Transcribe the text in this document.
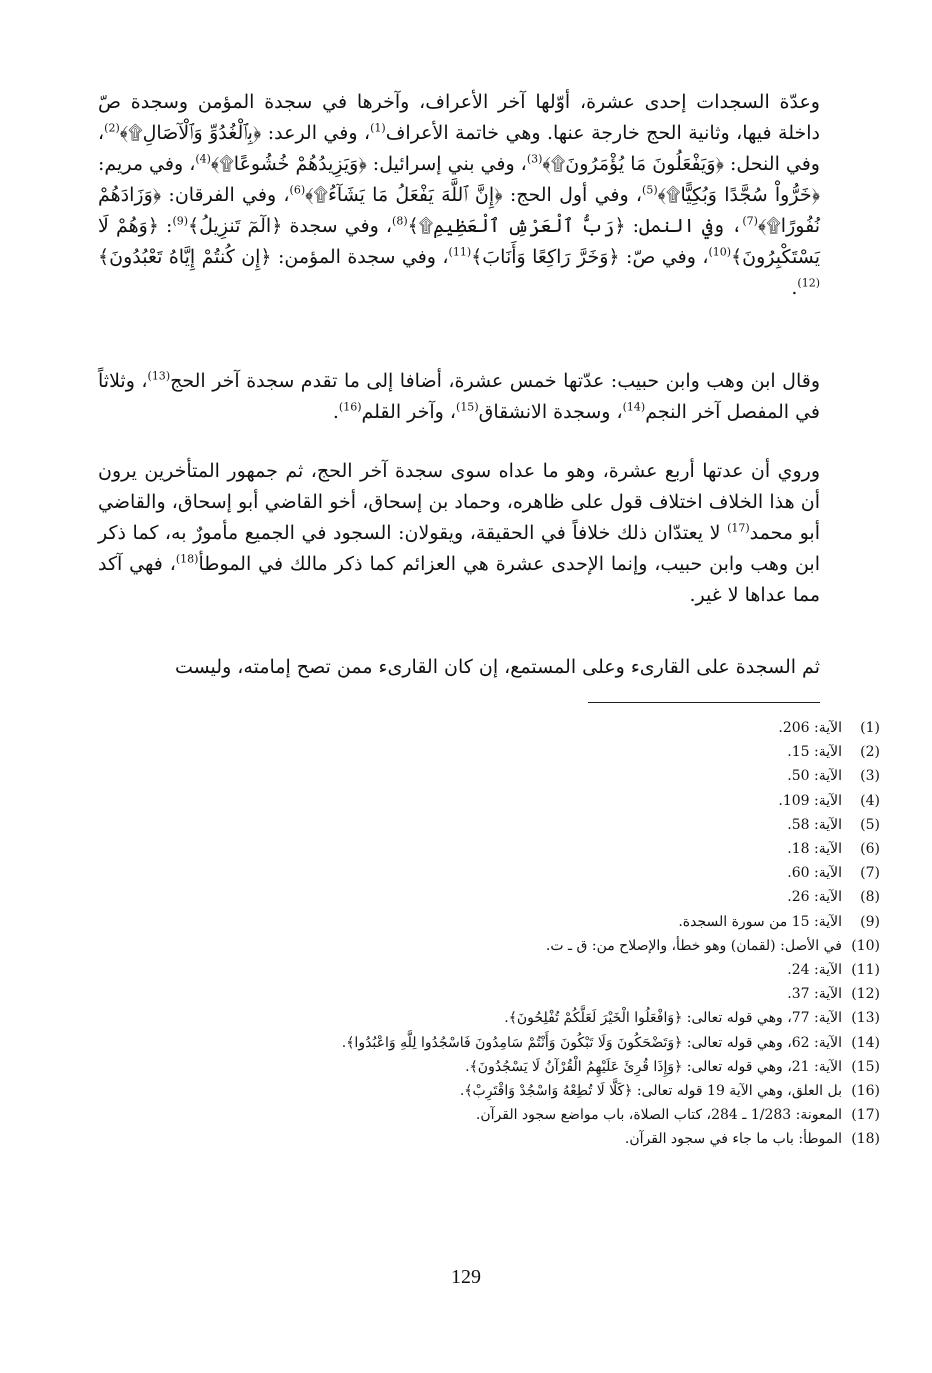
وعدّة السجدات إحدى عشرة، أوّلها آخر الأعراف، وآخرها في سجدة المؤمن وسجدة صّ داخلة فيها، وثانية الحج خارجة عنها. وهي خاتمة الأعراف$^{(1)}$، وفي الرعد: ﴿بِٱلْغُدُوِّ وَٱلْآصَالِ۩﴾$^{(2)}$، وفي النحل: ﴿وَيَفْعَلُونَ مَا يُؤْمَرُونَ۩﴾$^{(3)}$، وفي بني إسرائيل: ﴿وَيَزِيدُهُمْ خُشُوعًا۩﴾$^{(4)}$، وفي مريم: ﴿خَرُّواْ سُجَّدًا وَبُكِيًّا۩﴾$^{(5)}$، وفي أول الحج: ﴿إِنَّ ٱللَّهَ يَفْعَلُ مَا يَشَآءُ۩﴾$^{(6)}$، وفي الفرقان: ﴿وَزَادَهُمْ نُفُورًا۩﴾$^{(7)}$، وفي النمل: ﴿رَبُّ ٱلْعَرْشِ ٱلْعَظِيمِ۩﴾$^{(8)}$، وفي سجدة ﴿الٓمٓ تَنزِيلُ﴾$^{(9)}$: ﴿وَهُمْ لَا يَسْتَكْبِرُونَ﴾$^{(10)}$، وفي صّ: ﴿وَخَرَّ رَاكِعًا وَأَنَابَ﴾$^{(11)}$، وفي سجدة المؤمن: ﴿إِن كُنتُمْ إِيَّاهُ تَعْبُدُونَ﴾$^{(12)}$.

وقال ابن وهب وابن حبيب: عدّتها خمس عشرة، أضافا إلى ما تقدم سجدة آخر الحج$^{(13)}$، وثلاثاً في المفصل آخر النجم$^{(14)}$، وسجدة الانشقاق$^{(15)}$، وآخر القلم$^{(16)}$.

وروي أن عدتها أربع عشرة، وهو ما عداه سوى سجدة آخر الحج، ثم جمهور المتأخرين يرون أن هذا الخلاف اختلاف قول على ظاهره، وحماد بن إسحاق، أخو القاضي أبو إسحاق، والقاضي أبو محمد$^{(17)}$ لا يعتدّان ذلك خلافاً في الحقيقة، ويقولان: السجود في الجميع مأمورٌ به، كما ذكر ابن وهب وابن حبيب، وإنما الإحدى عشرة هي العزائم كما ذكر مالك في الموطأ$^{(18)}$، فهي آكد مما عداها لا غير.

ثم السجدة على القارىء وعلى المستمع، إن كان القارىء ممن تصح إمامته، وليست

(1)الآية: 206.
(2)الآية: 15.
(3)الآية: 50.
(4)الآية: 109.
(5)الآية: 58.
(6)الآية: 18.
(7)الآية: 60.
(8)الآية: 26.
(9)الآية: 15 من سورة السجدة.
(10)في الأصل: (لقمان) وهو خطأ، والإصلاح من: ق ـ ت.
(11)الآية: 24.
(12)الآية: 37.
(13)الآية: 77، وهي قوله تعالى: ﴿وَافْعَلُوا الْخَيْرَ لَعَلَّكُمْ تُفْلِحُونَ﴾.
(14)الآية: 62، وهي قوله تعالى: ﴿وَتَضْحَكُونَ وَلَا تَبْكُونَ وَأَنْتُمْ سَامِدُونَ فَاسْجُدُوا لِلَّهِ وَاعْبُدُوا﴾.
(15)الآية: 21، وهي قوله تعالى: ﴿وَإِذَا قُرِئَ عَلَيْهِمُ الْقُرْآنُ لَا يَسْجُدُونَ﴾.
(16)بل العلق، وهي الآية 19 قوله تعالى: ﴿كَلَّا لَا تُطِعْهُ وَاسْجُدْ وَاقْتَرِبْ﴾.
(17)المعونة: 1/283 ـ 284، كتاب الصلاة، باب مواضع سجود القرآن.
(18)الموطأ: باب ما جاء في سجود القرآن.
129
